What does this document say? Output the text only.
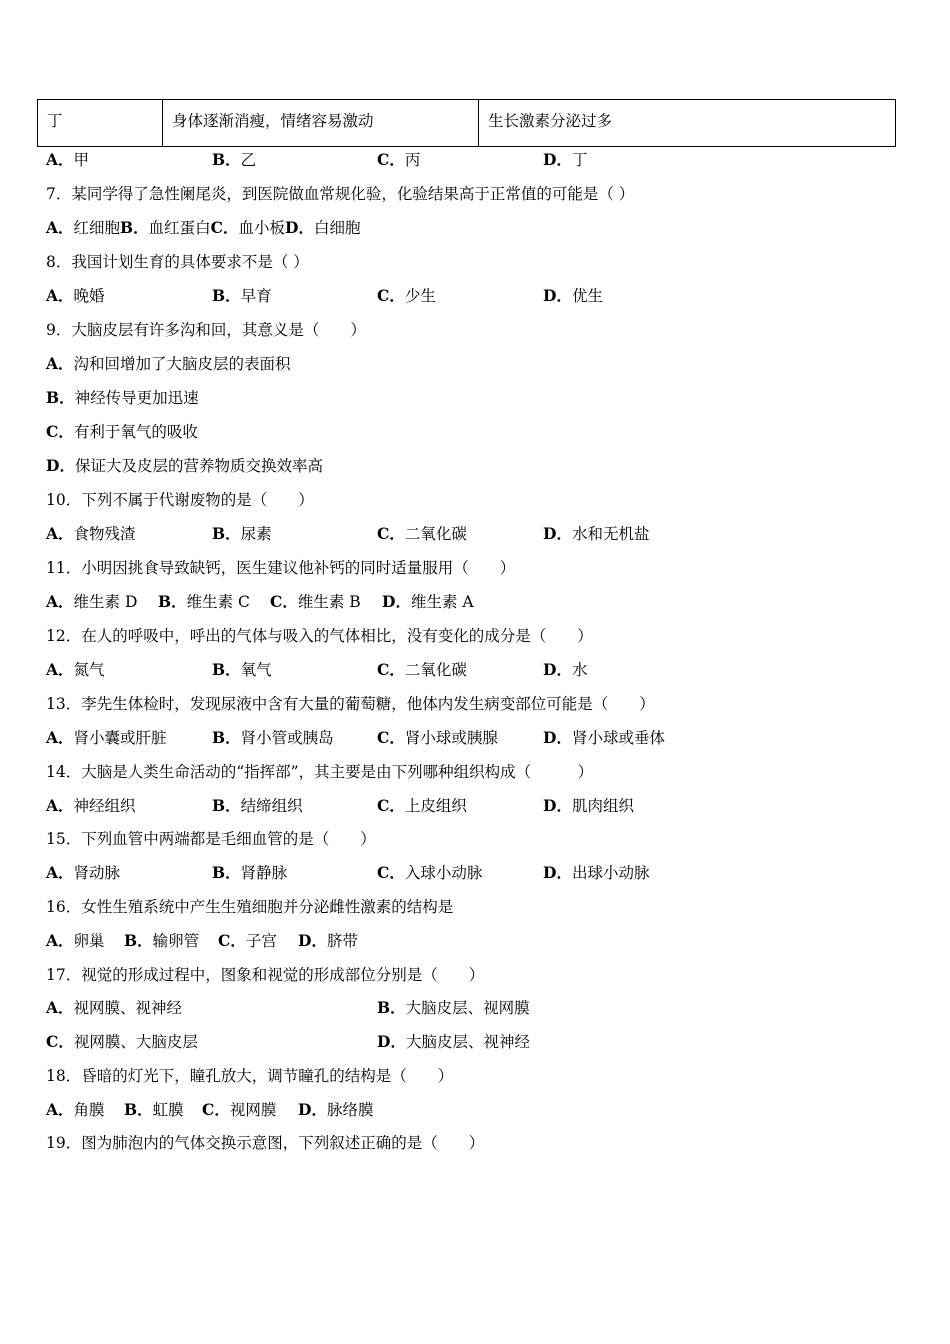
丁	身体逐渐消瘦，情绪容易激动	生长激素分泌过多
A．甲	B．乙	C．丙	D．丁
7．某同学得了急性阑尾炎，到医院做血常规化验，化验结果高于正常值的可能是（ ）
A．红细胞B．血红蛋白C．血小板D．白细胞
8．我国计划生育的具体要求不是（ ）
A．晚婚	B．早育	C．少生	D．优生
9．大脑皮层有许多沟和回，其意义是（　　）
A．沟和回增加了大脑皮层的表面积
B．神经传导更加迅速
C．有利于氧气的吸收
D．保证大及皮层的营养物质交换效率高
10．下列不属于代谢废物的是（　　）
A．食物残渣	B．尿素	C．二氧化碳	D．水和无机盐
11．小明因挑食导致缺钙，医生建议他补钙的同时适量服用（　　）
A．维生素 D B．维生素 C C．维生素 B D．维生素 A
12．在人的呼吸中，呼出的气体与吸入的气体相比，没有变化的成分是（　　）
A．氮气	B．氧气	C．二氧化碳	D．水
13．李先生体检时，发现尿液中含有大量的葡萄糖，他体内发生病变部位可能是（　　）
A．肾小囊或肝脏	B．肾小管或胰岛	C．肾小球或胰腺	D．肾小球或垂体
14．大脑是人类生命活动的“指挥部”，其主要是由下列哪种组织构成（　　　）
A．神经组织	B．结缔组织	C．上皮组织	D．肌肉组织
15．下列血管中两端都是毛细血管的是（　　）
A．肾动脉	B．肾静脉	C．入球小动脉	D．出球小动脉
16．女性生殖系统中产生生殖细胞并分泌雌性激素的结构是
A．卵巢 B．输卵管 C．子宫 D．脐带
17．视觉的形成过程中，图象和视觉的形成部位分别是（　　）
A．视网膜、视神经	B．大脑皮层、视网膜
C．视网膜、大脑皮层	D．大脑皮层、视神经
18．昏暗的灯光下，瞳孔放大，调节瞳孔的结构是（　　）
A．角膜 B．虹膜 C．视网膜 D．脉络膜
19．图为肺泡内的气体交换示意图，下列叙述正确的是（　　）
